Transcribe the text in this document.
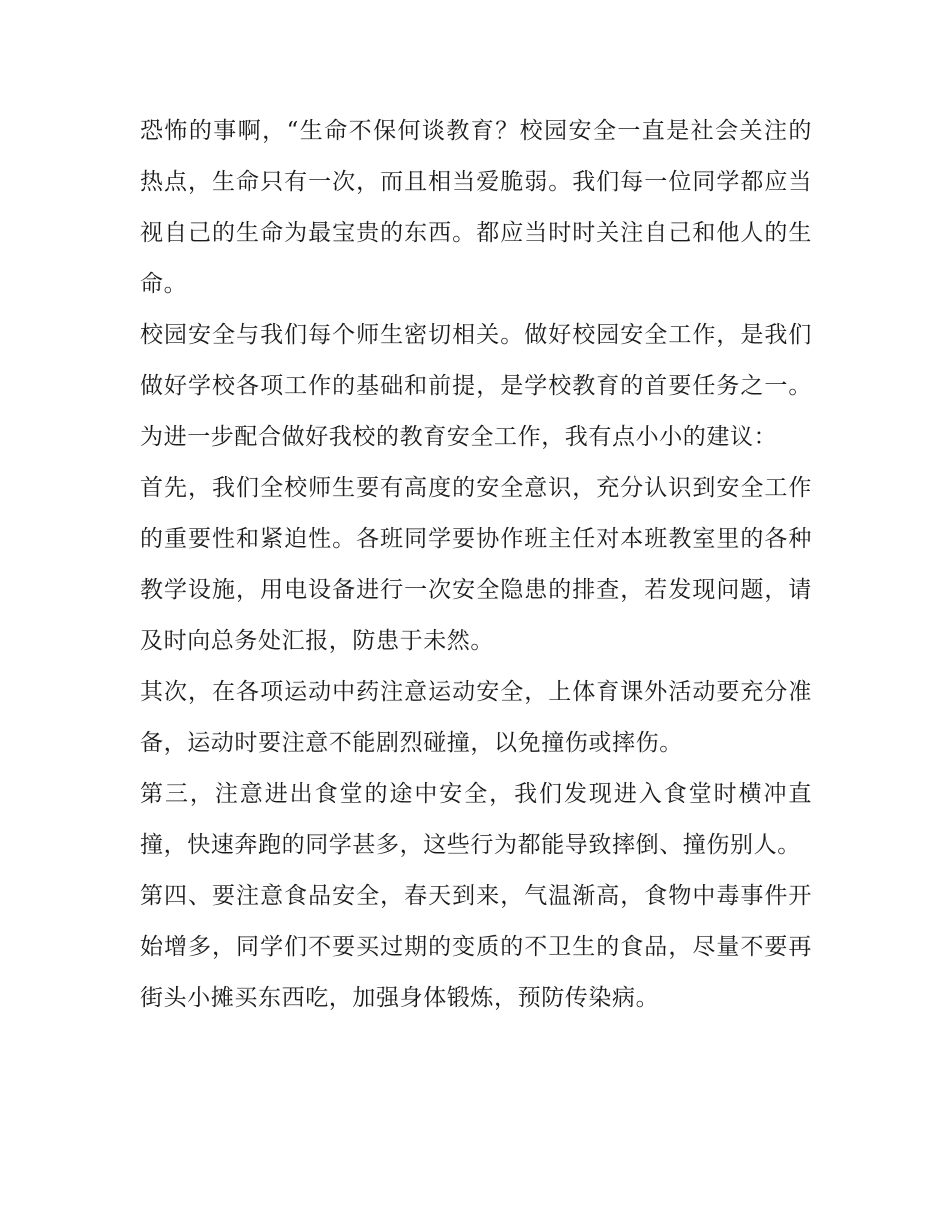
恐怖的事啊，“生命不保何谈教育？校园安全一直是社会关注的热点，生命只有一次，而且相当爱脆弱。我们每一位同学都应当视自己的生命为最宝贵的东西。都应当时时关注自己和他人的生命。

校园安全与我们每个师生密切相关。做好校园安全工作，是我们做好学校各项工作的基础和前提，是学校教育的首要任务之一。为进一步配合做好我校的教育安全工作，我有点小小的建议：

首先，我们全校师生要有高度的安全意识，充分认识到安全工作的重要性和紧迫性。各班同学要协作班主任对本班教室里的各种教学设施，用电设备进行一次安全隐患的排查，若发现问题，请及时向总务处汇报，防患于未然。

其次，在各项运动中药注意运动安全，上体育课外活动要充分准备，运动时要注意不能剧烈碰撞，以免撞伤或摔伤。

第三，注意进出食堂的途中安全，我们发现进入食堂时横冲直撞，快速奔跑的同学甚多，这些行为都能导致摔倒、撞伤别人。

第四、要注意食品安全，春天到来，气温渐高，食物中毒事件开始增多，同学们不要买过期的变质的不卫生的食品，尽量不要再街头小摊买东西吃，加强身体锻炼，预防传染病。
